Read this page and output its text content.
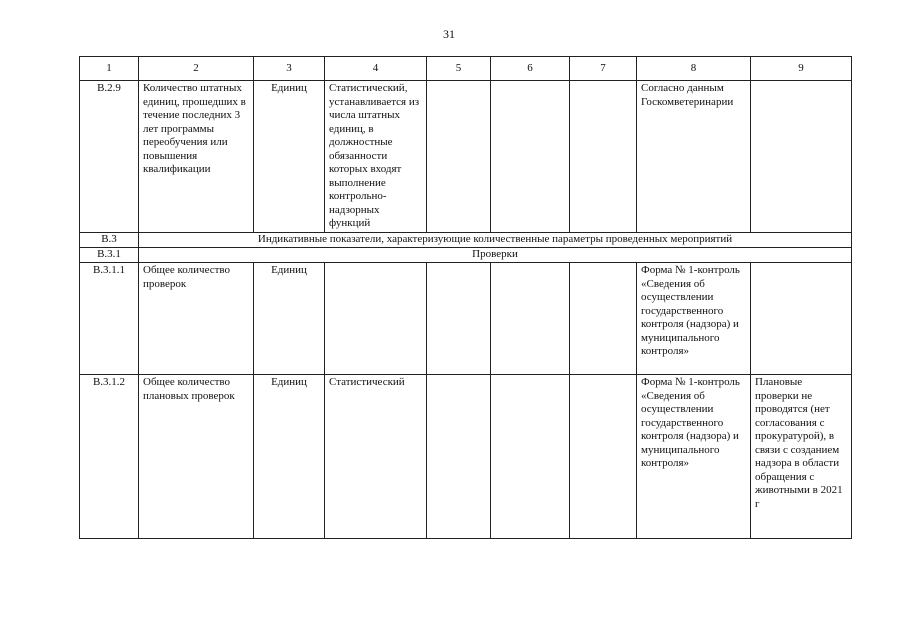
31
1	2	3	4	5	6	7	8	9
В.2.9	Количество штатных единиц, прошедших в течение последних 3 лет программы переобучения или повышения квалификации	Единиц	Статистический, устанавливается из числа штатных единиц, в должностные обязанности которых входят выполнение контрольно-надзорных функций				Согласно данным Госкомветеринарии	
В.3	Индикативные показатели, характеризующие количественные параметры проведенных мероприятий							
В.3.1	Проверки							
В.3.1.1	Общее количество проверок	Единиц					Форма № 1-контроль «Сведения об осуществлении государственного контроля (надзора) и муниципального контроля»	
В.3.1.2	Общее количество плановых проверок	Единиц	Статистический				Форма № 1-контроль «Сведения об осуществлении государственного контроля (надзора) и муниципального контроля»	Плановые проверки не проводятся (нет согласования с прокуратурой), в связи с созданием надзора в области обращения с животными в 2021 г
